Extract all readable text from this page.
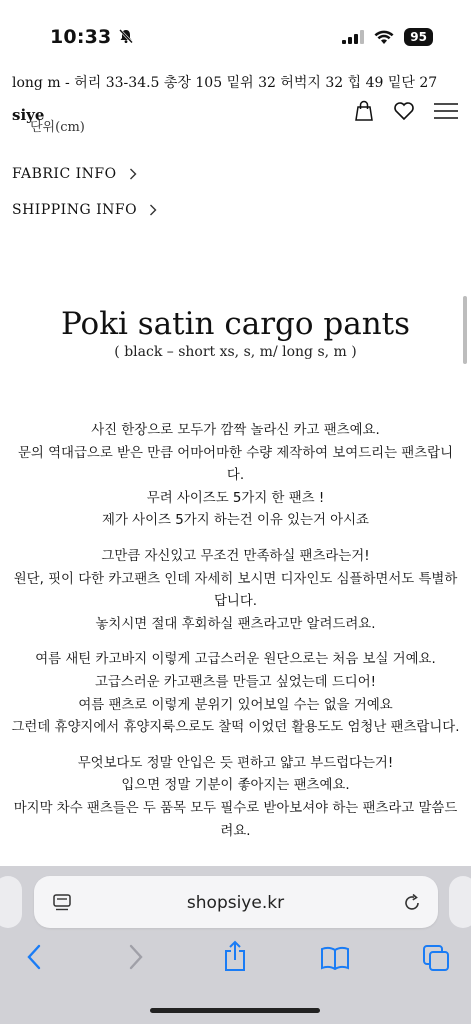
10:33	95
long m - 허리 33-34.5 총장 105 밑위 32 허벅지 32 힙 49 밑단 27
siye
단위(cm)
FABRIC INFO
SHIPPING INFO
Poki satin cargo pants
( black – short xs, s, m/ long s, m )

사진 한장으로 모두가 깜짝 놀라신 카고 팬츠예요.
문의 역대급으로 받은 만큼 어마어마한 수량 제작하여 보여드리는 팬츠랍니
다.
무려 사이즈도 5가지 한 팬츠 !
제가 사이즈 5가지 하는건 이유 있는거 아시죠

그만큼 자신있고 무조건 만족하실 팬츠라는거!
원단, 핏이 다한 카고팬츠 인데 자세히 보시면 디자인도 심플하면서도 특별하
답니다.
놓치시면 절대 후회하실 팬츠라고만 알려드려요.

여름 새틴 카고바지 이렇게 고급스러운 원단으로는 처음 보실 거예요.
고급스러운 카고팬츠를 만들고 싶었는데 드디어!
여름 팬츠로 이렇게 분위기 있어보일 수는 없을 거예요
그런데 휴양지에서 휴양지룩으로도 찰떡 이었던 활용도도 엄청난 팬츠랍니다.

무엇보다도 정말 안입은 듯 편하고 얇고 부드럽다는거!
입으면 정말 기분이 좋아지는 팬츠예요.
마지막 차수 팬츠들은 두 품목 모두 필수로 받아보셔야 하는 팬츠라고 말씀드
려요.

shopsiye.kr
